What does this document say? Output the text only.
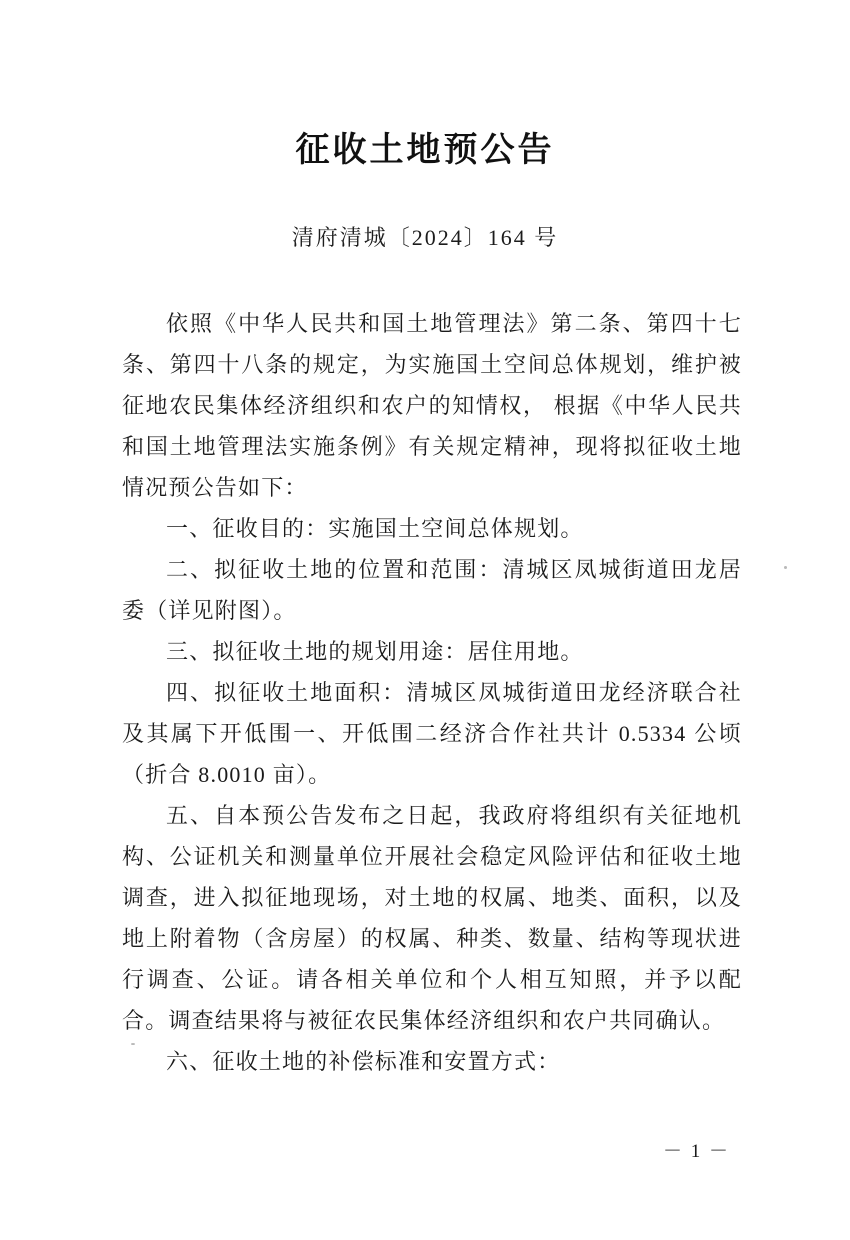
征收土地预公告
清府清城〔2024〕164 号

依照《中华人民共和国土地管理法》第二条、第四十七条、第四十八条的规定，为实施国土空间总体规划，维护被征地农民集体经济组织和农户的知情权， 根据《中华人民共和国土地管理法实施条例》有关规定精神，现将拟征收土地情况预公告如下：

一、征收目的：实施国土空间总体规划。

二、拟征收土地的位置和范围：清城区凤城街道田龙居委（详见附图）。

三、拟征收土地的规划用途：居住用地。

四、拟征收土地面积：清城区凤城街道田龙经济联合社及其属下开低围一、开低围二经济合作社共计 0.5334 公顷（折合 8.0010 亩）。

五、自本预公告发布之日起，我政府将组织有关征地机构、公证机关和测量单位开展社会稳定风险评估和征收土地调查，进入拟征地现场，对土地的权属、地类、面积，以及地上附着物（含房屋）的权属、种类、数量、结构等现状进行调查、公证。请各相关单位和个人相互知照，并予以配合。调查结果将与被征农民集体经济组织和农户共同确认。

六、征收土地的补偿标准和安置方式：

－ 1 －
